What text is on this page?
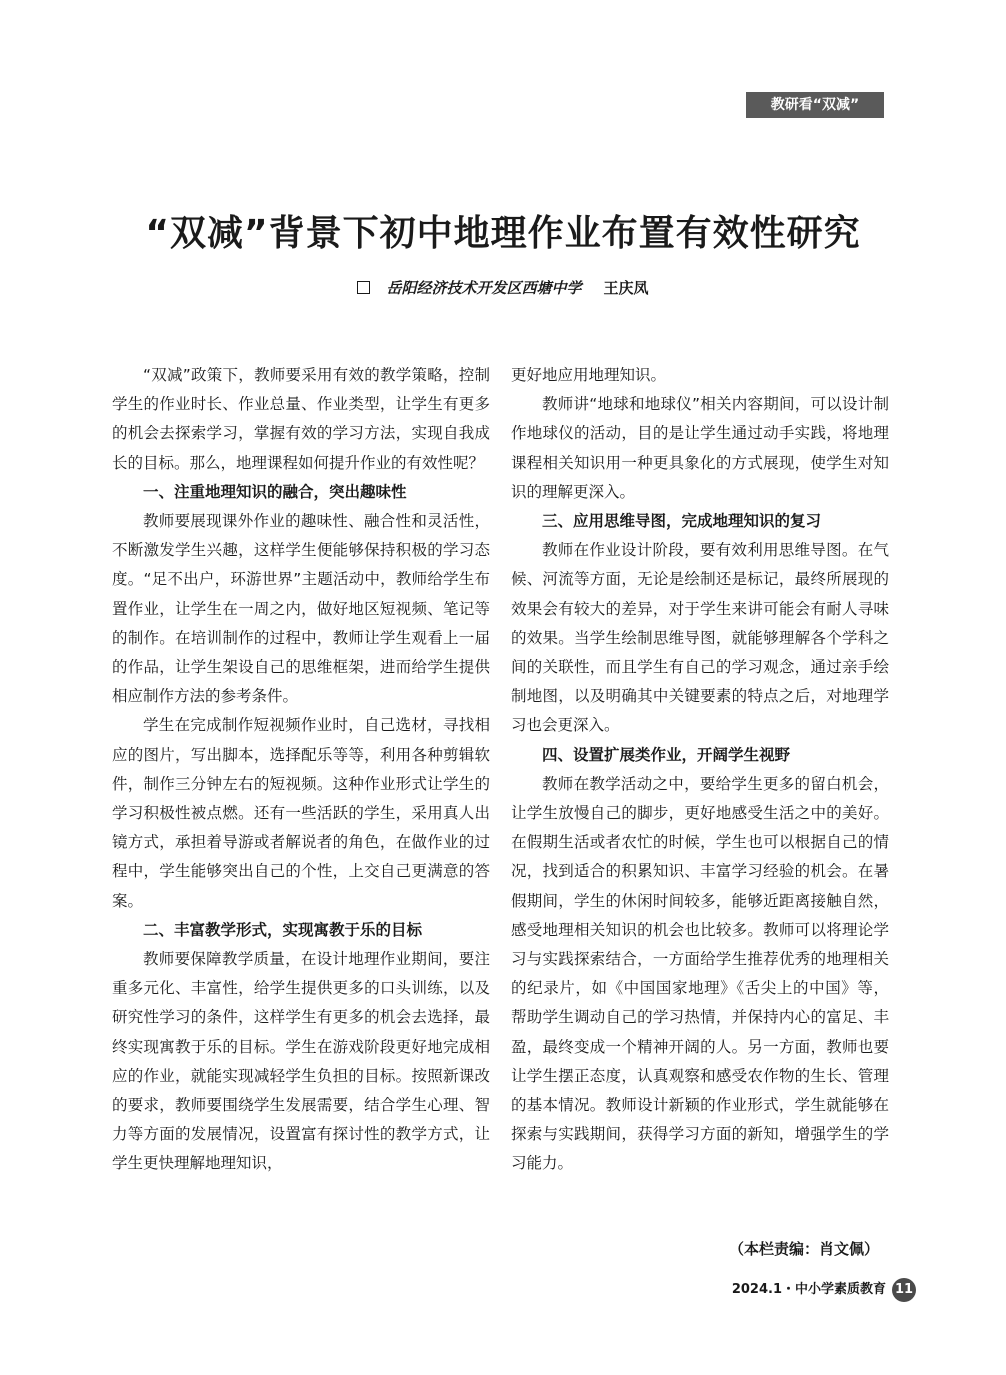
教研看“双减”
“双减”背景下初中地理作业布置有效性研究
岳阳经济技术开发区西塘中学 王庆凤

“双减”政策下，教师要采用有效的教学策略，控制学生的作业时长、作业总量、作业类型，让学生有更多的机会去探索学习，掌握有效的学习方法，实现自我成长的目标。那么，地理课程如何提升作业的有效性呢？

一、注重地理知识的融合，突出趣味性

教师要展现课外作业的趣味性、融合性和灵活性，不断激发学生兴趣，这样学生便能够保持积极的学习态度。“足不出户，环游世界”主题活动中，教师给学生布置作业，让学生在一周之内，做好地区短视频、笔记等的制作。在培训制作的过程中，教师让学生观看上一届的作品，让学生架设自己的思维框架，进而给学生提供相应制作方法的参考条件。

学生在完成制作短视频作业时，自己选材，寻找相应的图片，写出脚本，选择配乐等等，利用各种剪辑软件，制作三分钟左右的短视频。这种作业形式让学生的学习积极性被点燃。还有一些活跃的学生，采用真人出镜方式，承担着导游或者解说者的角色，在做作业的过程中，学生能够突出自己的个性，上交自己更满意的答案。

二、丰富教学形式，实现寓教于乐的目标

教师要保障教学质量，在设计地理作业期间，要注重多元化、丰富性，给学生提供更多的口头训练，以及研究性学习的条件，这样学生有更多的机会去选择，最终实现寓教于乐的目标。学生在游戏阶段更好地完成相应的作业，就能实现减轻学生负担的目标。按照新课改的要求，教师要围绕学生发展需要，结合学生心理、智力等方面的发展情况，设置富有探讨性的教学方式，让学生更快理解地理知识，

更好地应用地理知识。

教师讲“地球和地球仪”相关内容期间，可以设计制作地球仪的活动，目的是让学生通过动手实践，将地理课程相关知识用一种更具象化的方式展现，使学生对知识的理解更深入。

三、应用思维导图，完成地理知识的复习

教师在作业设计阶段，要有效利用思维导图。在气候、河流等方面，无论是绘制还是标记，最终所展现的效果会有较大的差异，对于学生来讲可能会有耐人寻味的效果。当学生绘制思维导图，就能够理解各个学科之间的关联性，而且学生有自己的学习观念，通过亲手绘制地图，以及明确其中关键要素的特点之后，对地理学习也会更深入。

四、设置扩展类作业，开阔学生视野

教师在教学活动之中，要给学生更多的留白机会，让学生放慢自己的脚步，更好地感受生活之中的美好。在假期生活或者农忙的时候，学生也可以根据自己的情况，找到适合的积累知识、丰富学习经验的机会。在暑假期间，学生的休闲时间较多，能够近距离接触自然，感受地理相关知识的机会也比较多。教师可以将理论学习与实践探索结合，一方面给学生推荐优秀的地理相关的纪录片，如《中国国家地理》《舌尖上的中国》等，帮助学生调动自己的学习热情，并保持内心的富足、丰盈，最终变成一个精神开阔的人。另一方面，教师也要让学生摆正态度，认真观察和感受农作物的生长、管理的基本情况。教师设计新颖的作业形式，学生就能够在探索与实践期间，获得学习方面的新知，增强学生的学习能力。

（本栏责编：肖文佩）
2024.1・中小学素质教育 11
